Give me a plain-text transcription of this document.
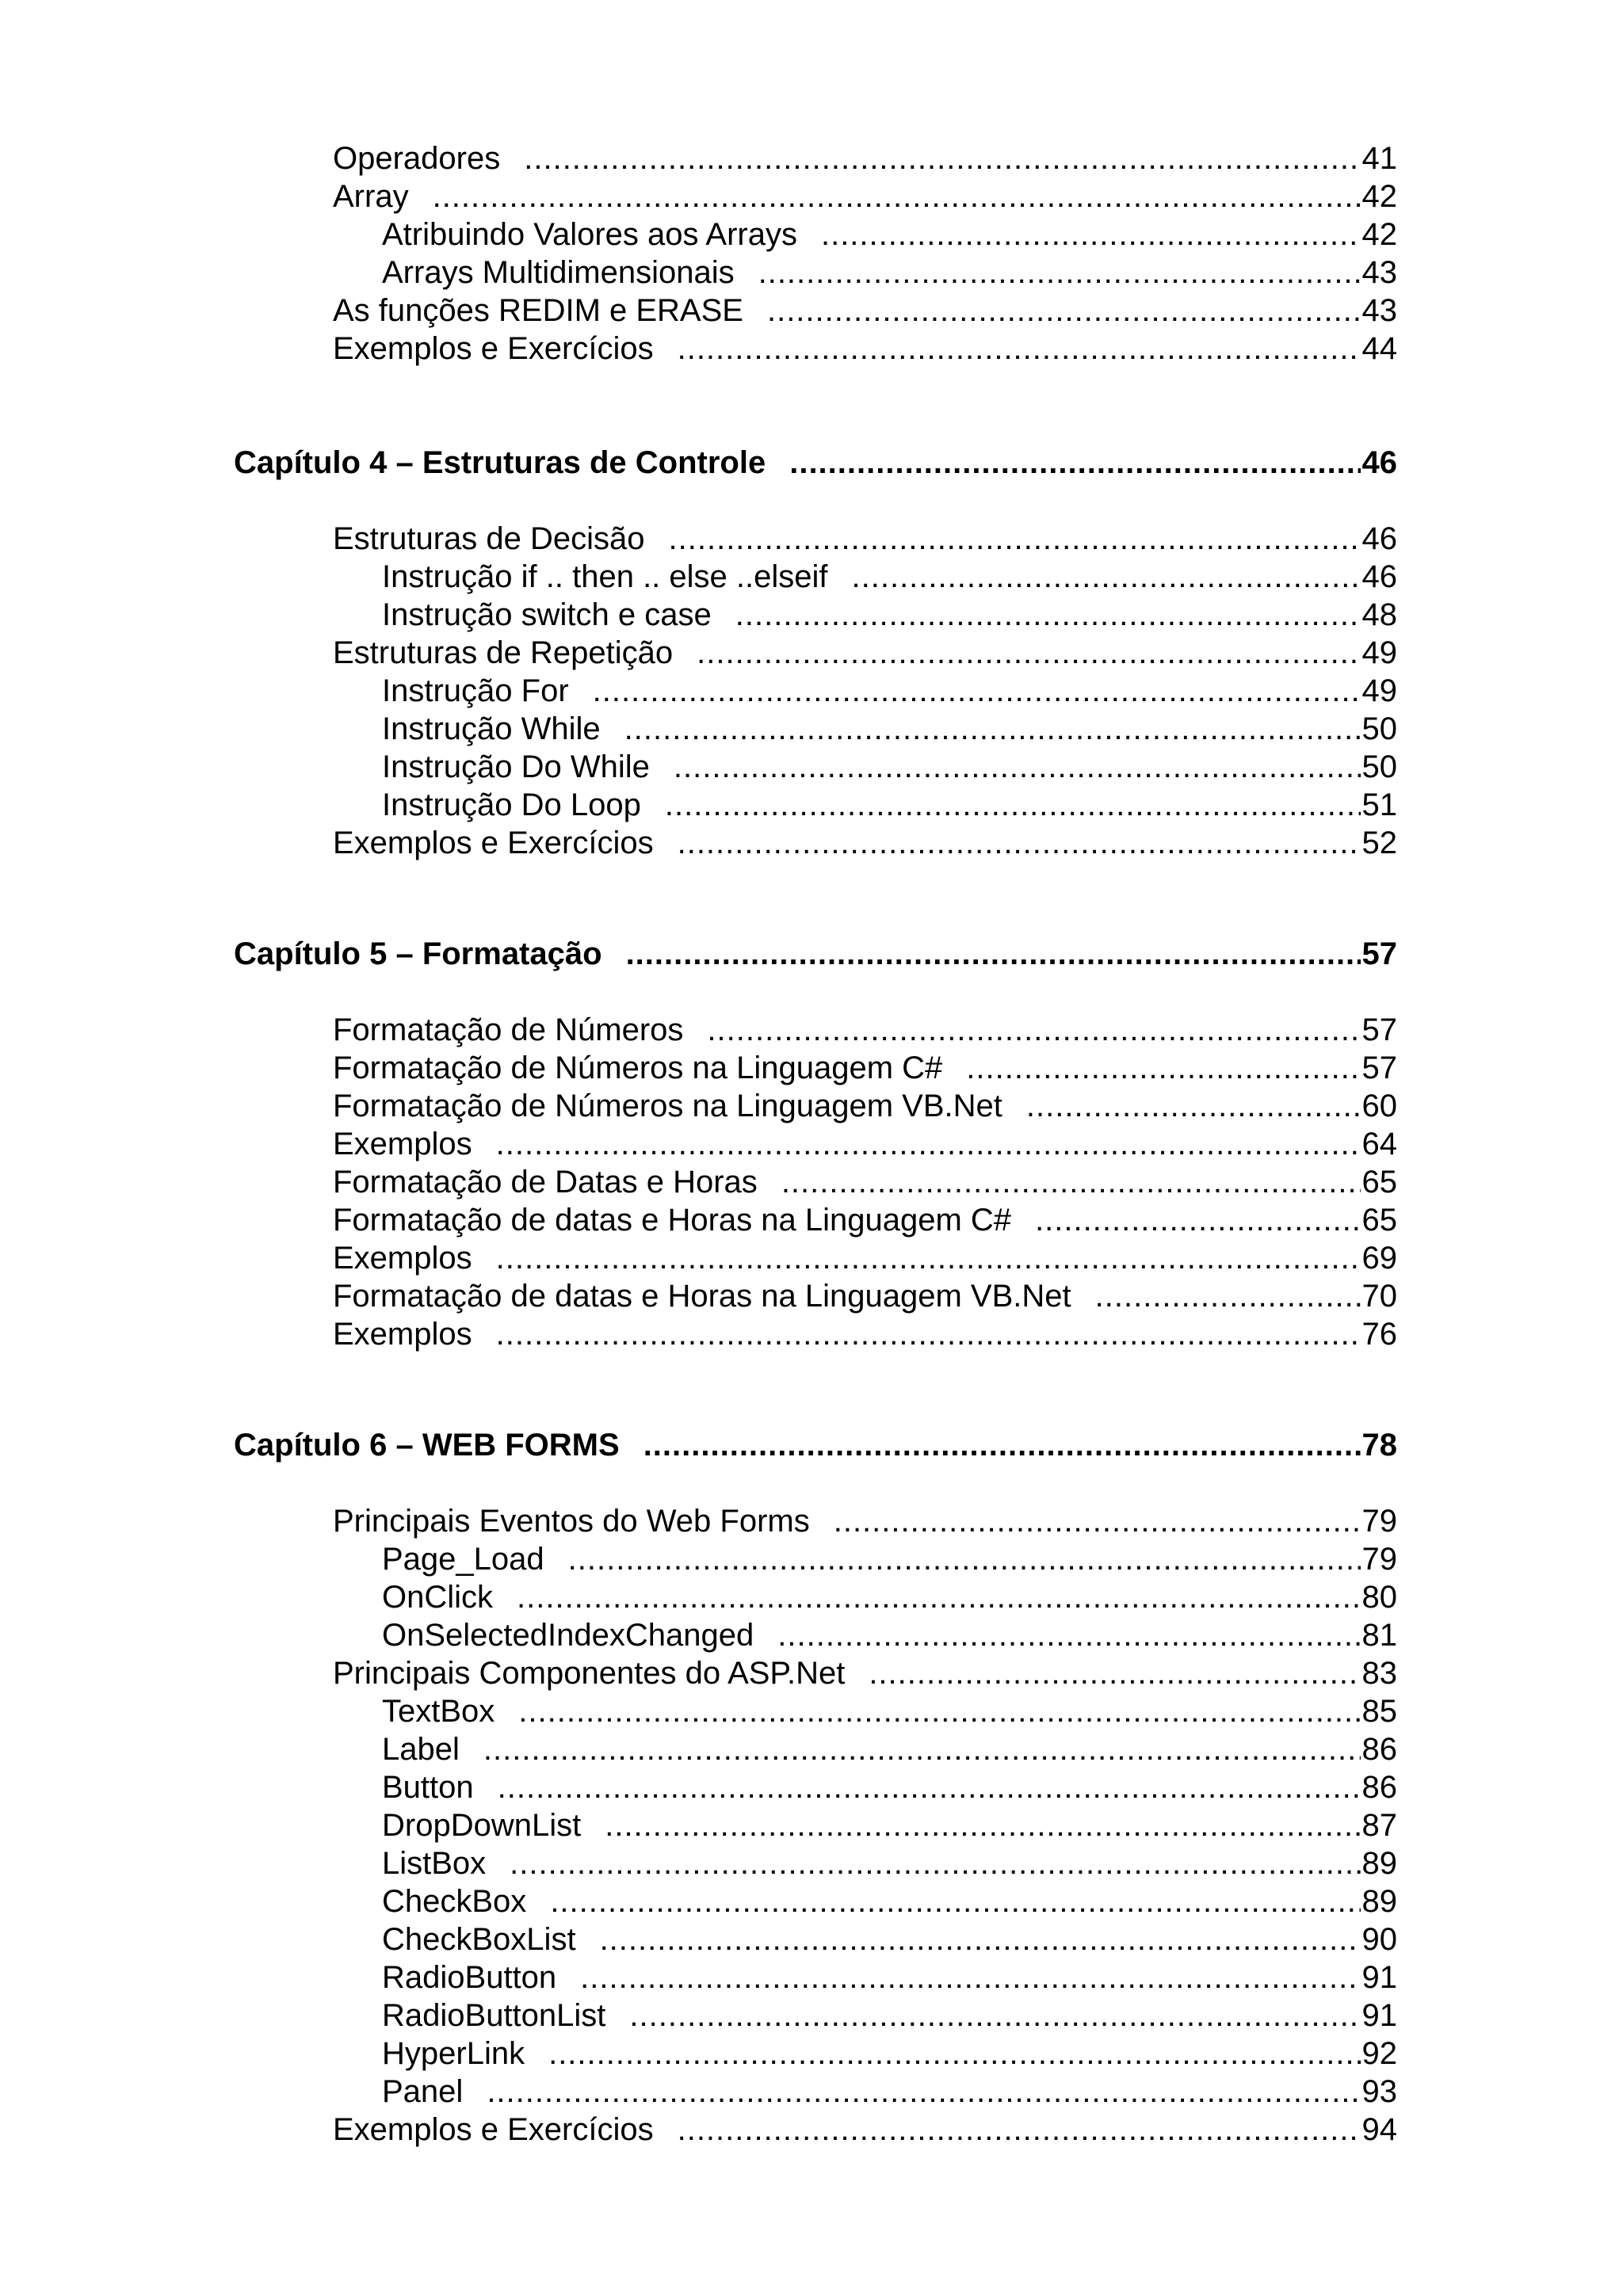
Operadores .....	41
Array .....	42
Atribuindo Valores aos Arrays .....	42
Arrays Multidimensionais .....	43
As funções REDIM e ERASE .....	43
Exemplos e Exercícios .....	44
Capítulo 4 – Estruturas de Controle .....	46
Estruturas de Decisão .....	46
Instrução if .. then .. else ..elseif .....	46
Instrução switch e case .....	48
Estruturas de Repetição .....	49
Instrução For .....	49
Instrução While .....	50
Instrução Do While .....	50
Instrução Do Loop .....	51
Exemplos e Exercícios .....	52
Capítulo 5 – Formatação .....	57
Formatação de Números .....	57
Formatação de Números na Linguagem C# .....	57
Formatação de Números na Linguagem VB.Net .....	60
Exemplos .....	64
Formatação de Datas e Horas .....	65
Formatação de datas e Horas na Linguagem C# .....	65
Exemplos .....	69
Formatação de datas e Horas na Linguagem VB.Net .....	70
Exemplos .....	76
Capítulo 6 – WEB FORMS .....	78
Principais Eventos do Web Forms .....	79
Page_Load .....	79
OnClick .....	80
OnSelectedIndexChanged .....	81
Principais Componentes do ASP.Net .....	83
TextBox .....	85
Label .....	86
Button .....	86
DropDownList .....	87
ListBox .....	89
CheckBox .....	89
CheckBoxList .....	90
RadioButton .....	91
RadioButtonList .....	91
HyperLink .....	92
Panel .....	93
Exemplos e Exercícios .....	94
